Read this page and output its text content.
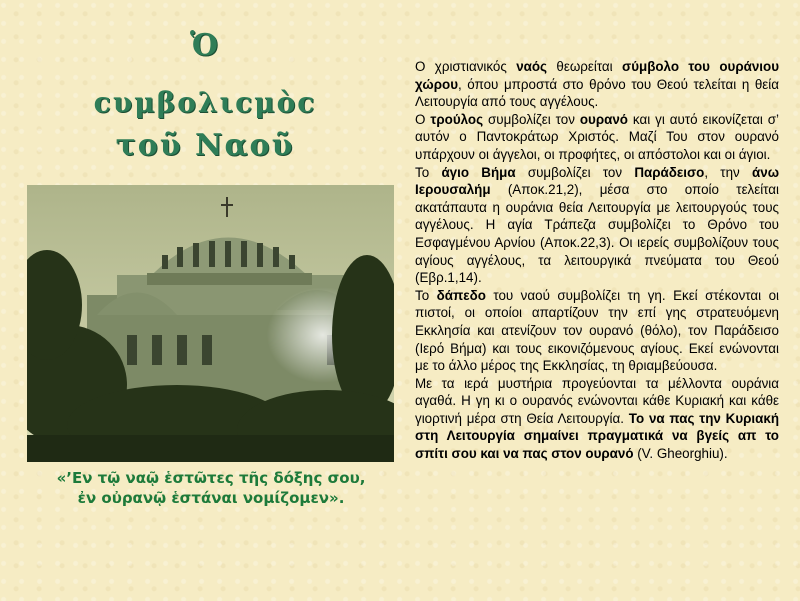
Ὁ
ϲυμβολιϲμὸϲ
τοῦ Ναοῦ
«’Εν τῷ ναῷ ἑστῶτες τῆς δόξης σου,
ἐν οὐρανῷ ἑστάναι νομίζομεν».

Ο χριστιανικός ναός θεωρείται σύμβολο του ουράνιου χώρου, όπου μπροστά στο θρόνο του Θεού τελείται η θεία Λειτουργία από τους αγγέλους.

Ο τρούλος συμβολίζει τον ουρανό και γι αυτό εικονίζεται σ’ αυτόν ο Παντοκράτωρ Χριστός. Μαζί Του στον ουρανό υπάρχουν οι άγγελοι, οι προφήτες, οι απόστολοι και οι άγιοι.

Το άγιο Βήμα συμβολίζει τον Παράδεισο, την άνω Ιερουσαλήμ (Αποκ.21,2), μέσα στο οποίο τελείται ακατάπαυτα η ουράνια θεία Λειτουργία με λειτουργούς τους αγγέλους. Η αγία Τράπεζα συμβολίζει το Θρόνο του Εσφαγμένου Αρνίου (Αποκ.22,3). Οι ιερείς συμβολίζουν τους αγίους αγγέλους, τα λειτουργικά πνεύματα του Θεού (Εβρ.1,14).

Το δάπεδο του ναού συμβολίζει τη γη. Εκεί στέκονται οι πιστοί, οι οποίοι απαρτίζουν την επί γης στρατευόμενη Εκκλησία και ατενίζουν τον ουρανό (θόλο), τον Παράδεισο (Ιερό Βήμα) και τους εικονιζόμενους αγίους. Εκεί ενώνονται με το άλλο μέρος της Εκκλησίας, τη θριαμβεύουσα.

Με τα ιερά μυστήρια προγεύονται τα μέλλοντα ουράνια αγαθά. Η γη κι ο ουρανός ενώνονται κάθε Κυριακή και κάθε γιορτινή μέρα στη Θεία Λειτουργία. Το να πας την Κυριακή στη Λειτουργία σημαίνει πραγματικά να βγείς απ το σπίτι σου και να πας στον ουρανό (V. Gheorghiu).
